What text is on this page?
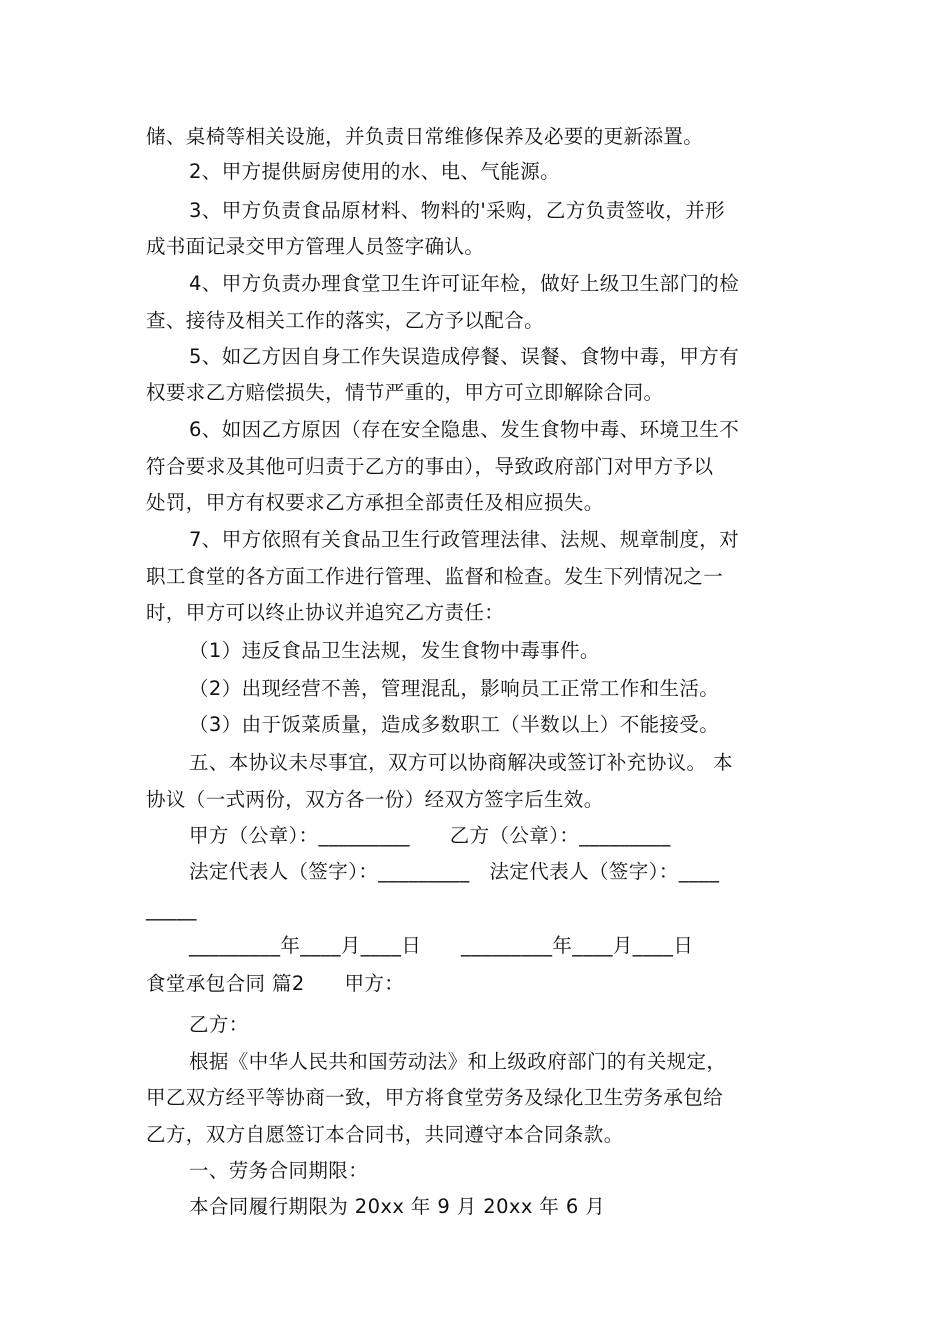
储、桌椅等相关设施，并负责日常维修保养及必要的更新添置。
2、甲方提供厨房使用的水、电、气能源。
3、甲方负责食品原材料、物料的'采购，乙方负责签收，并形
成书面记录交甲方管理人员签字确认。
4、甲方负责办理食堂卫生许可证年检，做好上级卫生部门的检
查、接待及相关工作的落实，乙方予以配合。
5、如乙方因自身工作失误造成停餐、误餐、食物中毒，甲方有
权要求乙方赔偿损失，情节严重的，甲方可立即解除合同。
6、如因乙方原因（存在安全隐患、发生食物中毒、环境卫生不
符合要求及其他可归责于乙方的事由），导致政府部门对甲方予以
处罚，甲方有权要求乙方承担全部责任及相应损失。
7、甲方依照有关食品卫生行政管理法律、法规、规章制度，对
职工食堂的各方面工作进行管理、监督和检查。发生下列情况之一
时，甲方可以终止协议并追究乙方责任：
（1）违反食品卫生法规，发生食物中毒事件。
（2）出现经营不善，管理混乱，影响员工正常工作和生活。
（3）由于饭菜质量，造成多数职工（半数以上）不能接受。
五、本协议未尽事宜，双方可以协商解决或签订补充协议。 本
协议（一式两份，双方各一份）经双方签字后生效。
甲方（公章）：_________　　乙方（公章）：_________
法定代表人（签字）：_________　法定代表人（签字）：____
_____
_________年____月____日　　_________年____月____日
食堂承包合同 篇2　　甲方：
乙方：
根据《中华人民共和国劳动法》和上级政府部门的有关规定，
甲乙双方经平等协商一致，甲方将食堂劳务及绿化卫生劳务承包给
乙方，双方自愿签订本合同书，共同遵守本合同条款。
一、劳务合同期限：
本合同履行期限为 20xx 年 9 月 20xx 年 6 月
